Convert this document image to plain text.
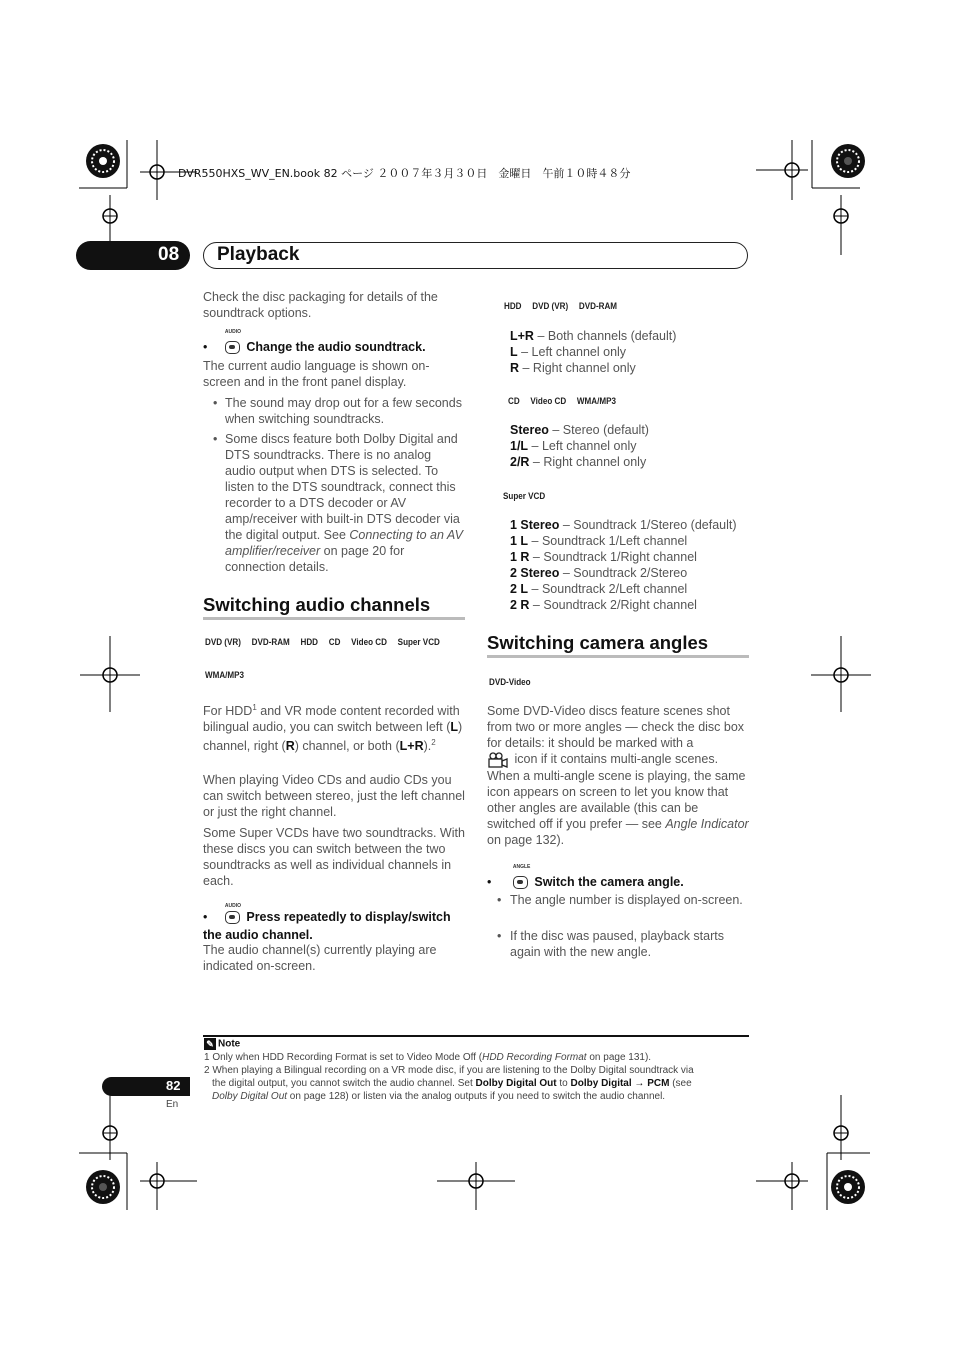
DVR550HXS_WV_EN.book 82 ページ ２００７年３月３０日　金曜日　午前１０時４８分
08 Playback
Check the disc packaging for details of the soundtrack options.
•
AUDIO
Change the audio soundtrack.
The current audio language is shown on-screen and in the front panel display.
• The sound may drop out for a few seconds when switching soundtracks.
• Some discs feature both Dolby Digital and DTS soundtracks. There is no analog audio output when DTS is selected. To listen to the DTS soundtrack, connect this recorder to a DTS decoder or AV amp/receiver with built-in DTS decoder via the digital output. See Connecting to an AV amplifier/receiver on page 20 for connection details.
Switching audio channels
DVD (VR) DVD-RAM HDD CD Video CD Super VCD
WMA/MP3
For HDD$^1$ and VR mode content recorded with bilingual audio, you can switch between left (L) channel, right (R) channel, or both (L+R).$^2$
When playing Video CDs and audio CDs you can switch between stereo, just the left channel or just the right channel.
Some Super VCDs have two soundtracks. With these discs you can switch between the two soundtracks as well as individual channels in each.
•
AUDIO
Press repeatedly to display/switch the audio channel.
The audio channel(s) currently playing are indicated on-screen.
HDD DVD (VR) DVD-RAM
L+R – Both channels (default)
L – Left channel only
R – Right channel only
CD Video CD WMA/MP3
Stereo – Stereo (default)
1/L – Left channel only
2/R – Right channel only
Super VCD
1 Stereo – Soundtrack 1/Stereo (default)
1 L – Soundtrack 1/Left channel
1 R – Soundtrack 1/Right channel
2 Stereo – Soundtrack 2/Stereo
2 L – Soundtrack 2/Left channel
2 R – Soundtrack 2/Right channel
Switching camera angles
DVD-Video
Some DVD-Video discs feature scenes shot from two or more angles — check the disc box for details: it should be marked with a
icon if it contains multi-angle scenes. When a multi-angle scene is playing, the same icon appears on screen to let you know that other angles are available (this can be switched off if you prefer — see Angle Indicator on page 132).
•
ANGLE
Switch the camera angle.
• The angle number is displayed on-screen.
• If the disc was paused, playback starts again with the new angle.
✎ Note
1 Only when HDD Recording Format is set to Video Mode Off (HDD Recording Format on page 131).
2 When playing a Bilingual recording on a VR mode disc, if you are listening to the Dolby Digital soundtrack via
the digital output, you cannot switch the audio channel. Set Dolby Digital Out to Dolby Digital → PCM (see
Dolby Digital Out on page 128) or listen via the analog outputs if you need to switch the audio channel.
82
En
